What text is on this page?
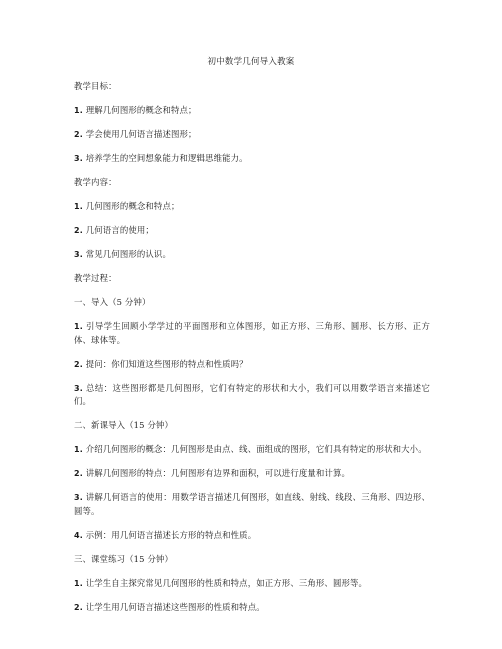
初中数学几何导入教案
教学目标：
1. 理解几何图形的概念和特点；
2. 学会使用几何语言描述图形；
3. 培养学生的空间想象能力和逻辑思维能力。
教学内容：
1. 几何图形的概念和特点；
2. 几何语言的使用；
3. 常见几何图形的认识。
教学过程：
一、导入（5 分钟）
1. 引导学生回顾小学学过的平面图形和立体图形，如正方形、三角形、圆形、长方形、正方体、球体等。
2. 提问：你们知道这些图形的特点和性质吗？
3. 总结：这些图形都是几何图形，它们有特定的形状和大小，我们可以用数学语言来描述它们。
二、新课导入（15 分钟）
1. 介绍几何图形的概念：几何图形是由点、线、面组成的图形，它们具有特定的形状和大小。
2. 讲解几何图形的特点：几何图形有边界和面积，可以进行度量和计算。
3. 讲解几何语言的使用：用数学语言描述几何图形，如直线、射线、线段、三角形、四边形、圆等。
4. 示例：用几何语言描述长方形的特点和性质。
三、课堂练习（15 分钟）
1. 让学生自主探究常见几何图形的性质和特点，如正方形、三角形、圆形等。
2. 让学生用几何语言描述这些图形的性质和特点。
